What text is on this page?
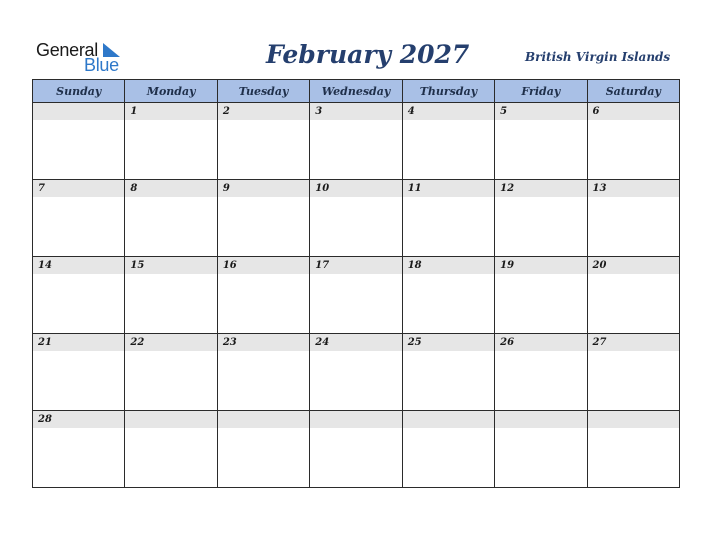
General
Blue	February 2027	British Virgin Islands
Sunday	Monday	Tuesday	Wednesday	Thursday	Friday	Saturday

	1	2	3	4	5	6

7	8	9	10	11	12	13

14	15	16	17	18	19	20

21	22	23	24	25	26	27

28						
